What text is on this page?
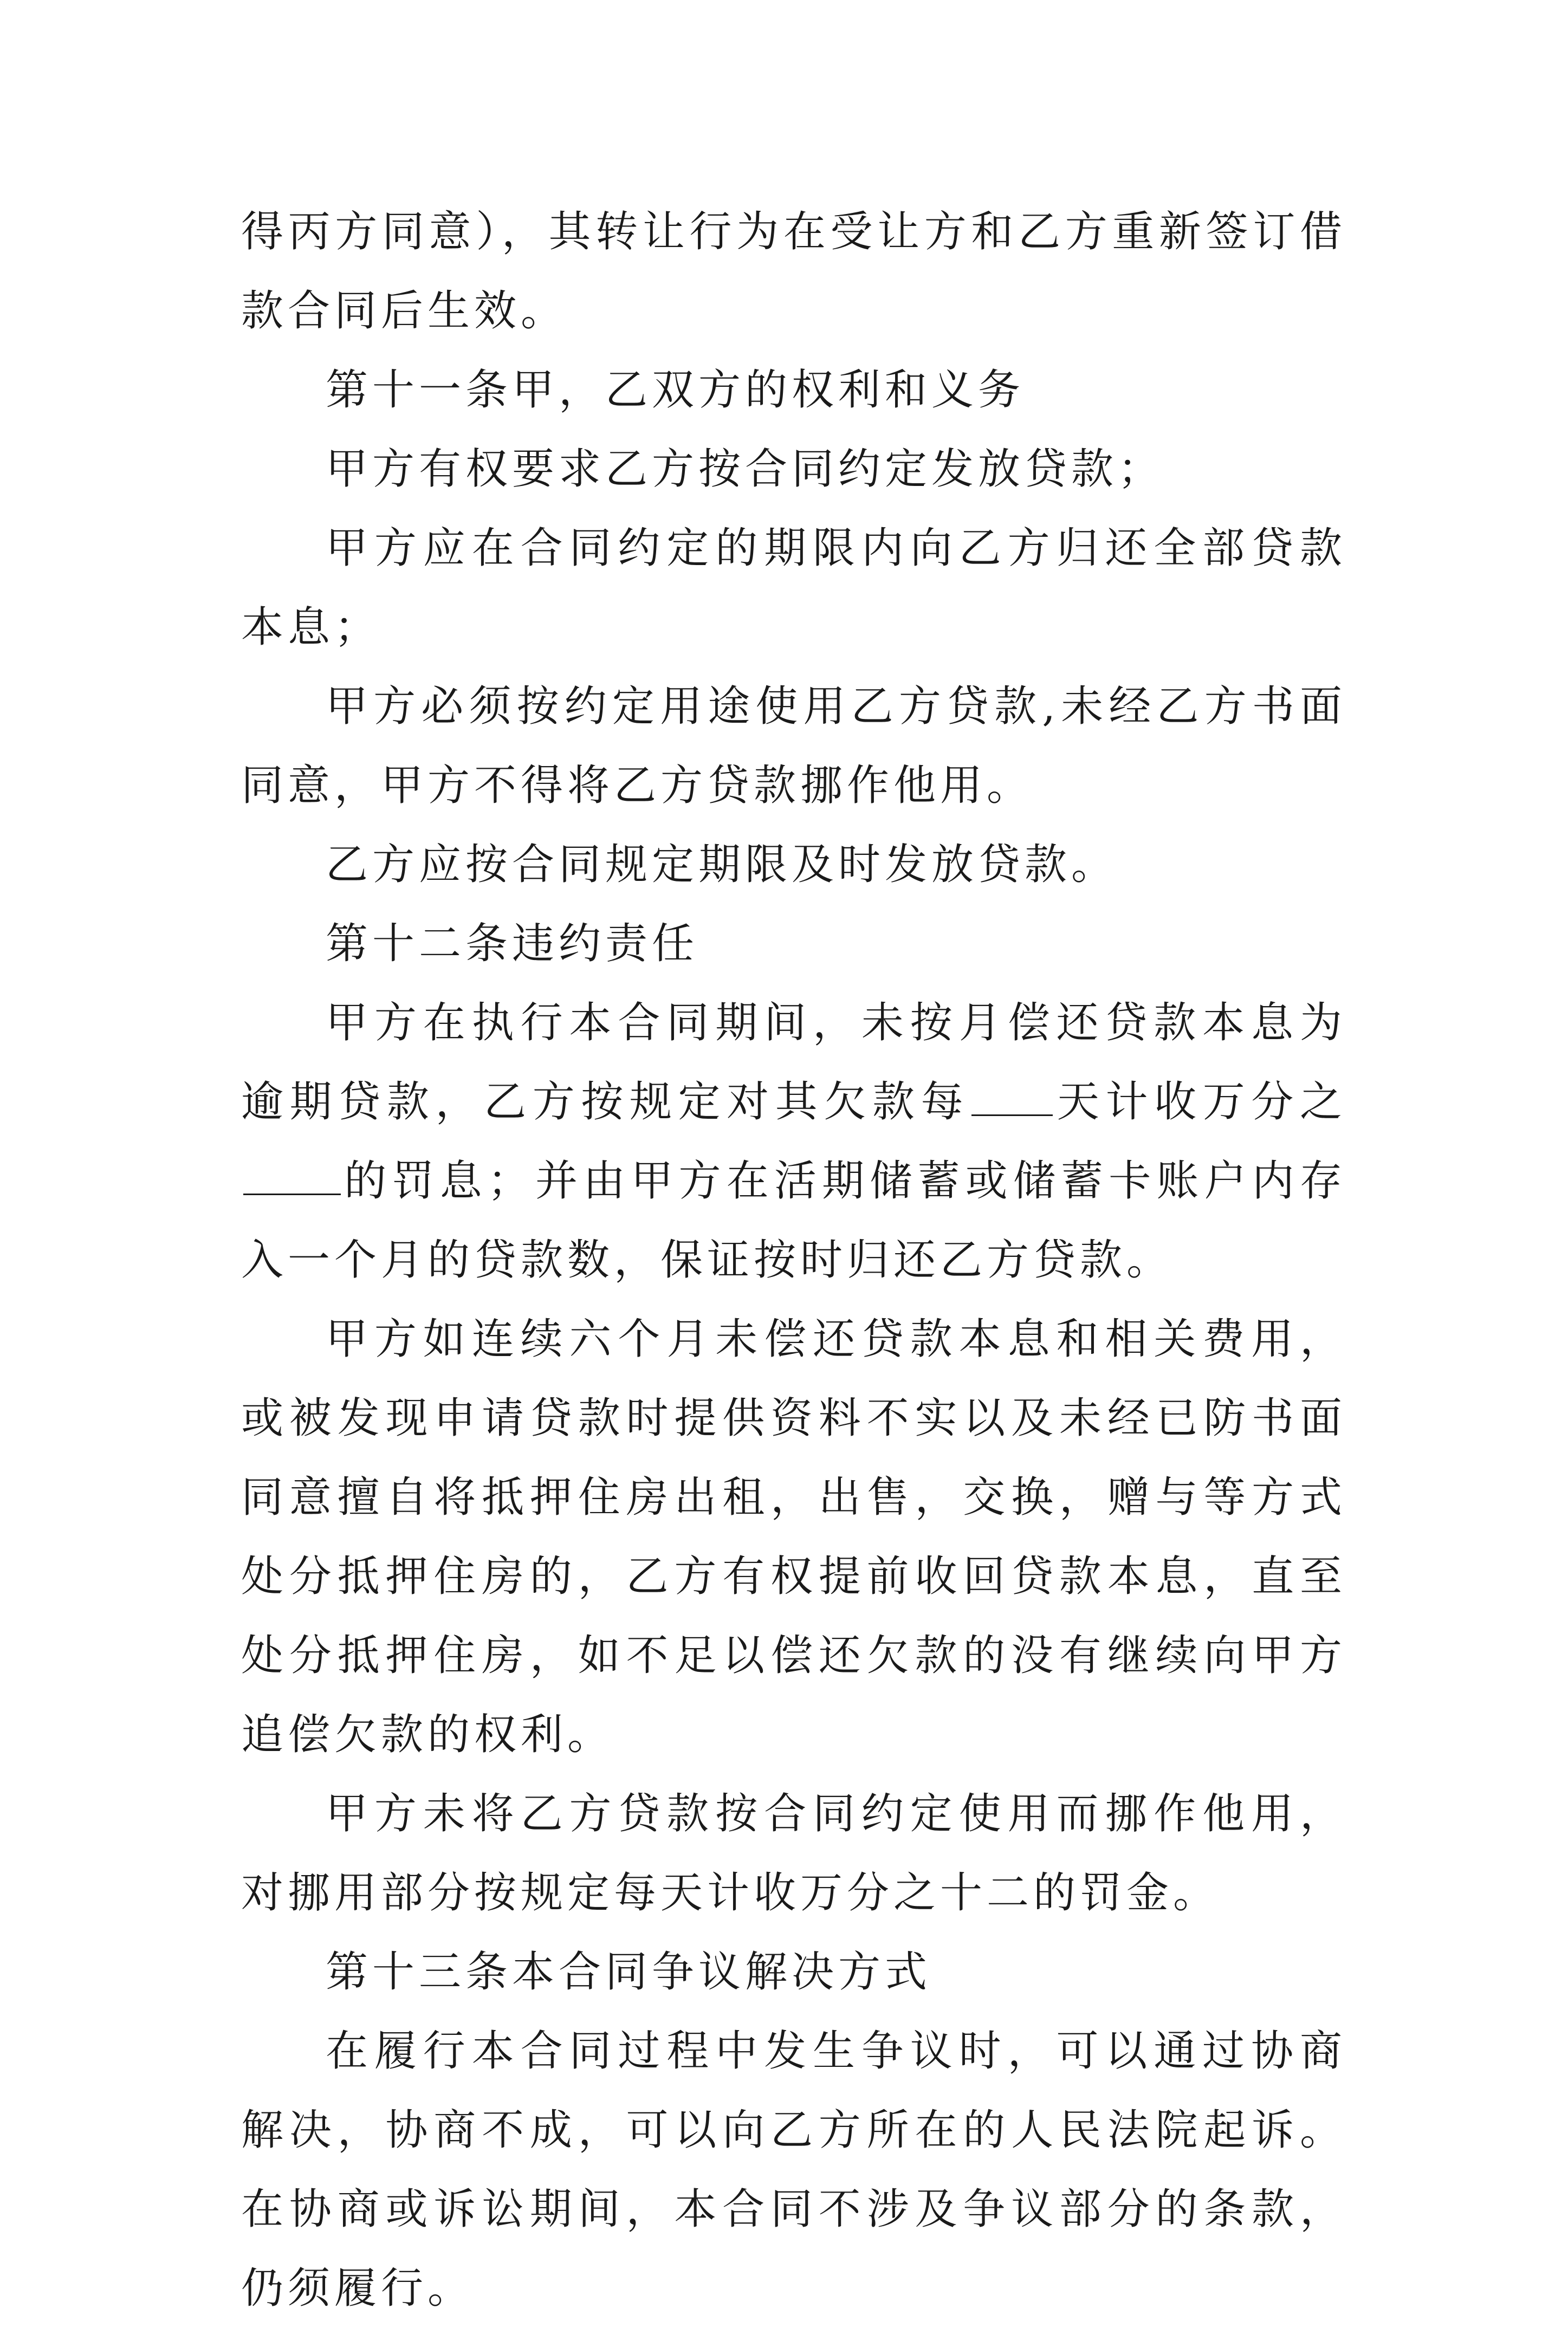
得丙方同意），其转让行为在受让方和乙方重新签订借款合同后生效。

第十一条甲，乙双方的权利和义务

甲方有权要求乙方按合同约定发放贷款；

甲方应在合同约定的期限内向乙方归还全部贷款本息；

甲方必须按约定用途使用乙方贷款,未经乙方书面同意，甲方不得将乙方贷款挪作他用。

乙方应按合同规定期限及时发放贷款。

第十二条违约责任

甲方在执行本合同期间，未按月偿还贷款本息为逾期贷款，乙方按规定对其欠款每 天计收万分之的罚息；并由甲方在活期储蓄或储蓄卡账户内存入一个月的贷款数，保证按时归还乙方贷款。

甲方如连续六个月未偿还贷款本息和相关费用，或被发现申请贷款时提供资料不实以及未经已防书面同意擅自将抵押住房出租，出售，交换，赠与等方式处分抵押住房的，乙方有权提前收回贷款本息，直至处分抵押住房，如不足以偿还欠款的没有继续向甲方追偿欠款的权利。

甲方未将乙方贷款按合同约定使用而挪作他用，对挪用部分按规定每天计收万分之十二的罚金。

第十三条本合同争议解决方式

在履行本合同过程中发生争议时，可以通过协商解决，协商不成，可以向乙方所在的人民法院起诉。在协商或诉讼期间，本合同不涉及争议部分的条款，仍须履行。
